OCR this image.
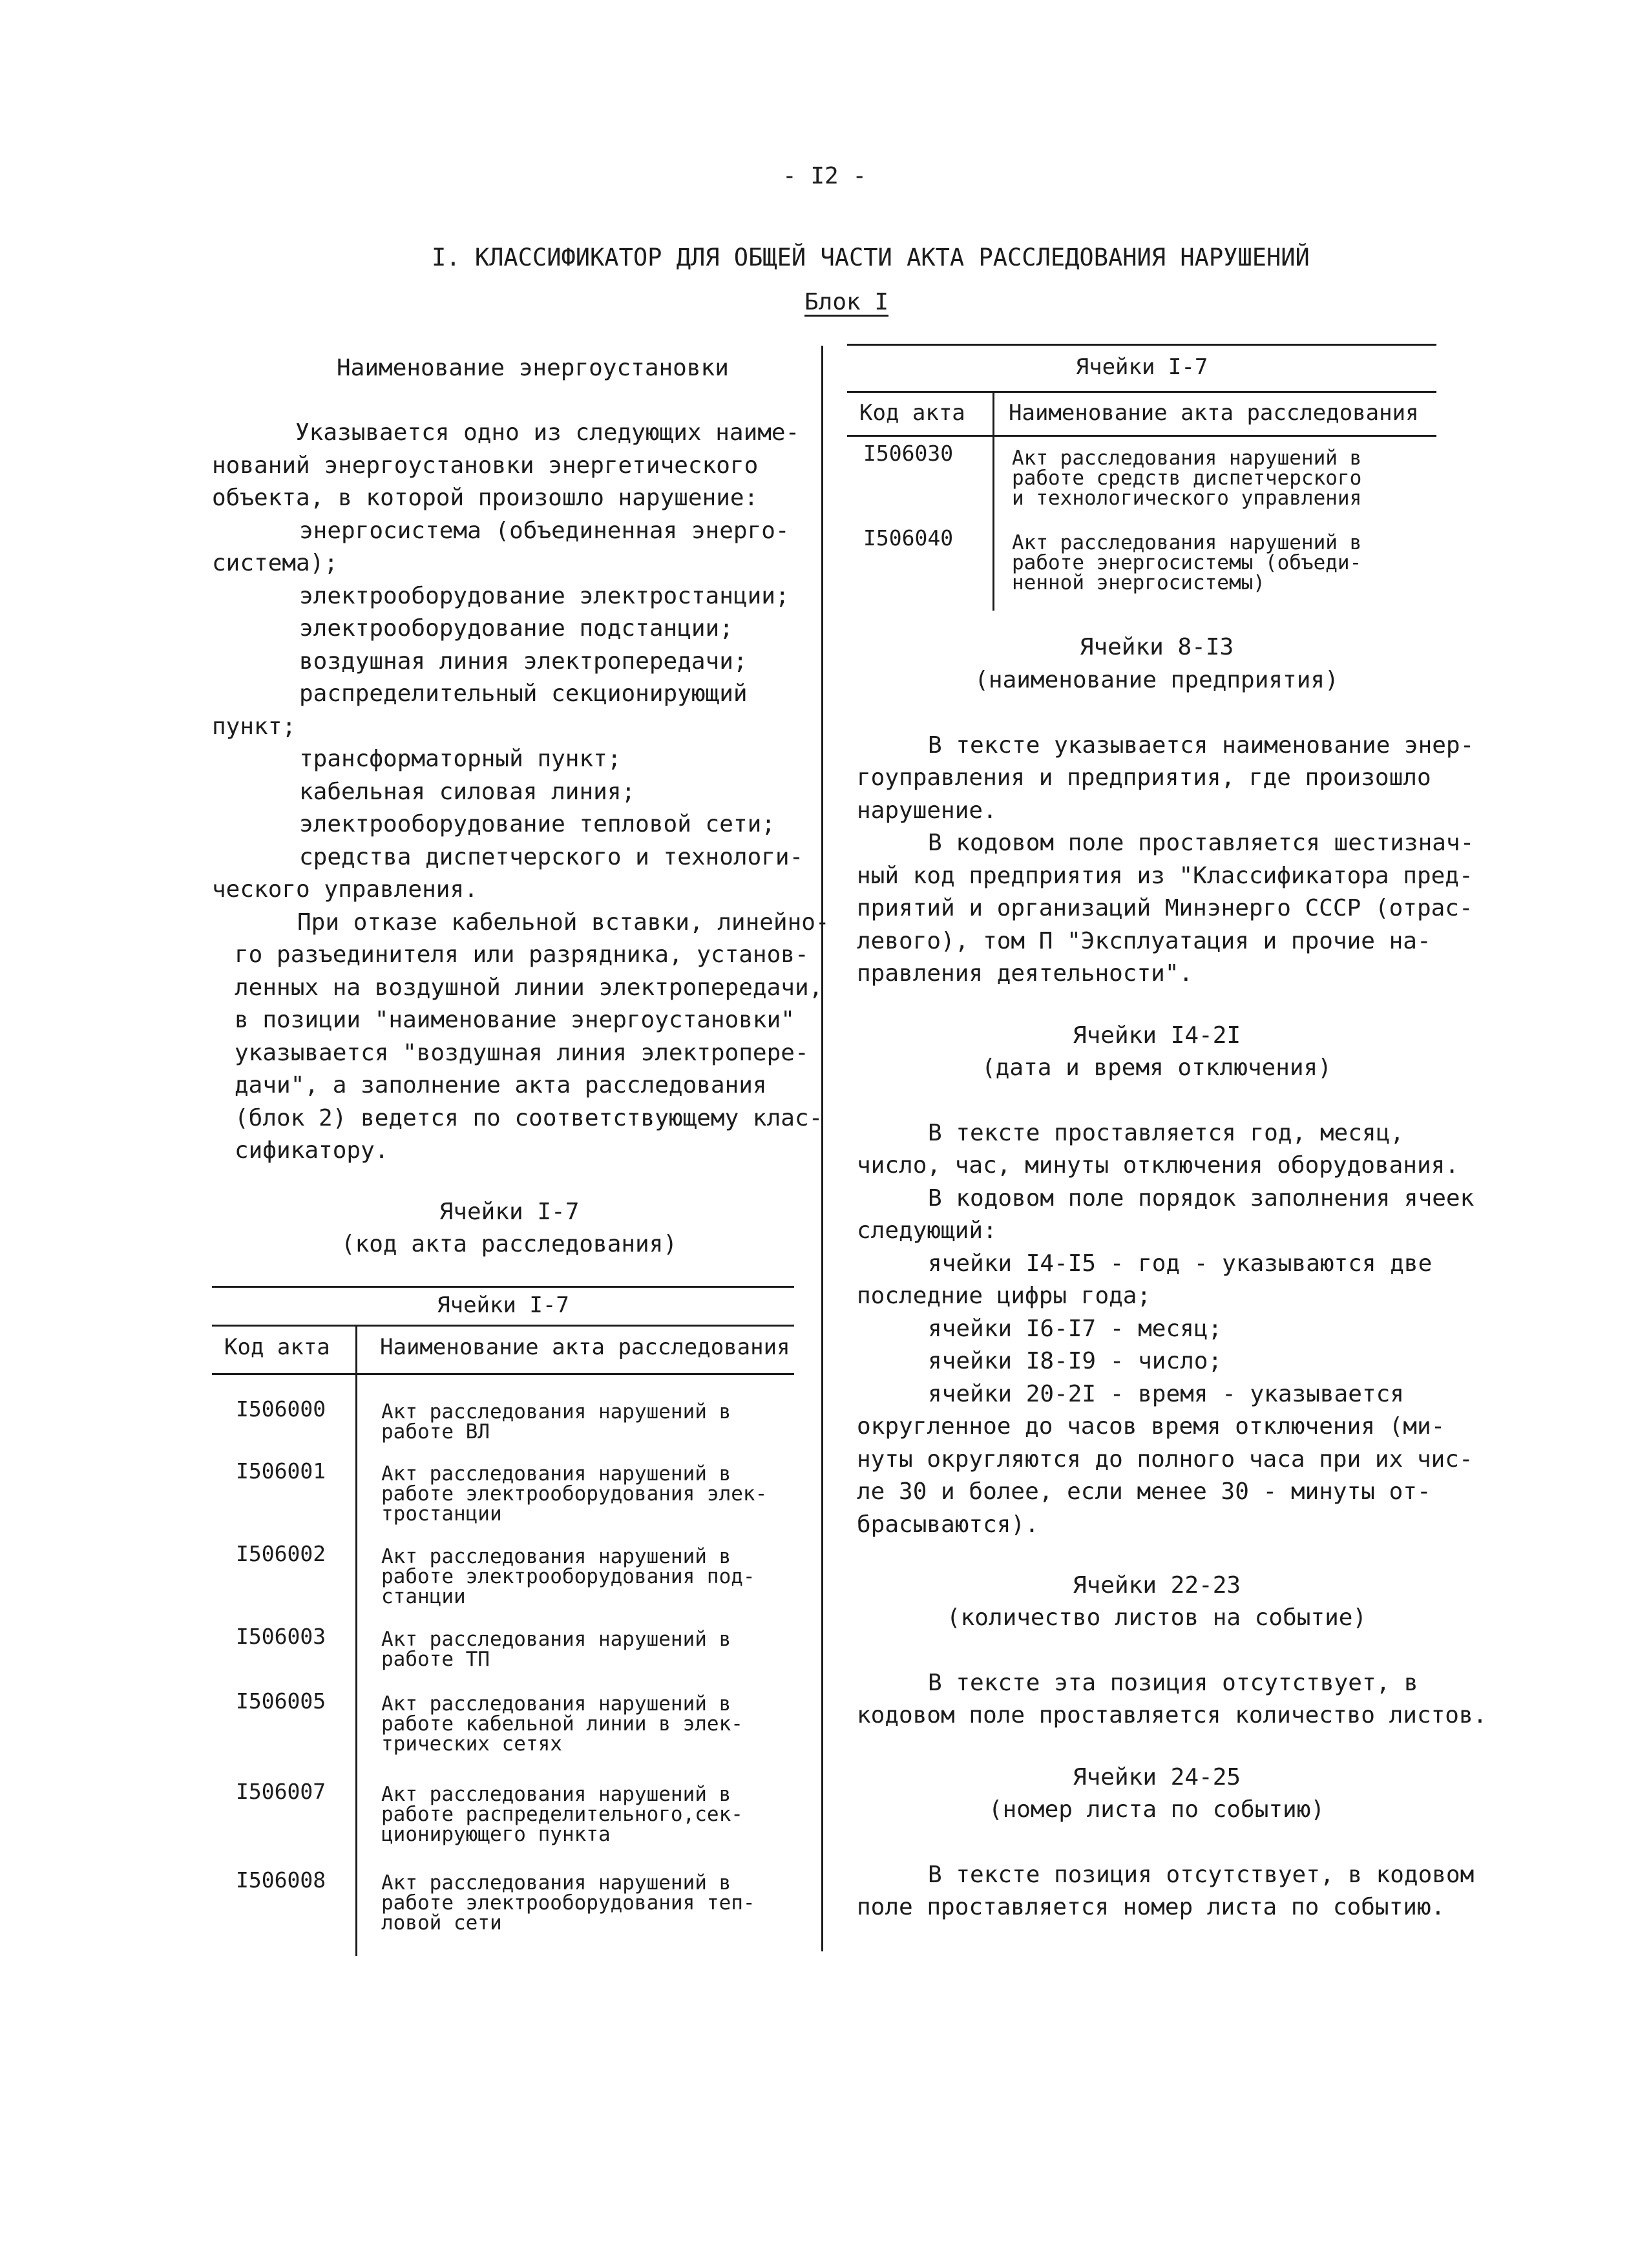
- I2 -
I. КЛАССИФИКАТОР ДЛЯ ОБЩЕЙ ЧАСТИ АКТА РАССЛЕДОВАНИЯ НАРУШЕНИЙ
Блок I
Наименование энергоустановки
Указывается одно из следующих наиме-
нований энергоустановки энергетического
объекта, в которой произошло нарушение:
энергосистема (объединенная энерго-
система);
электрооборудование электростанции;
электрооборудование подстанции;
воздушная линия электропередачи;
распределительный секционирующий
пункт;
трансформаторный пункт;
кабельная силовая линия;
электрооборудование тепловой сети;
средства диспетчерского и технологи-
ческого управления.
При отказе кабельной вставки, линейно-
го разъединителя или разрядника, установ-
ленных на воздушной линии электропередачи,
в позиции "наименование энергоустановки"
указывается "воздушная линия электропере-
дачи", а заполнение акта расследования
(блок 2) ведется по соответствующему клас-
сификатору.
Ячейки I-7
(код акта расследования)
Ячейки I-7
Код акта Наименование акта расследования
I506000	Акт расследования нарушений в
работе ВЛ
I506001	Акт расследования нарушений в
работе электрооборудования элек-
тростанции
I506002	Акт расследования нарушений в
работе электрооборудования под-
станции
I506003	Акт расследования нарушений в
работе ТП
I506005	Акт расследования нарушений в
работе кабельной линии в элек-
трических сетях
I506007	Акт расследования нарушений в
работе распределительного,сек-
ционирующего пункта
I506008	Акт расследования нарушений в
работе электрооборудования теп-
ловой сети
Ячейки I-7
Код акта Наименование акта расследования
I506030	Акт расследования нарушений в
работе средств диспетчерского
и технологического управления
I506040	Акт расследования нарушений в
работе энергосистемы (объеди-
ненной энергосистемы)
Ячейки 8-I3
(наименование предприятия)
В тексте указывается наименование энер-
гоуправления и предприятия, где произошло
нарушение.
В кодовом поле проставляется шестизнач-
ный код предприятия из "Классификатора пред-
приятий и организаций Минэнерго СССР (отрас-
левого), том П "Эксплуатация и прочие на-
правления деятельности".
Ячейки I4-2I
(дата и время отключения)
В тексте проставляется год, месяц,
число, час, минуты отключения оборудования.
В кодовом поле порядок заполнения ячеек
следующий:
ячейки I4-I5 - год - указываются две
последние цифры года;
ячейки I6-I7 - месяц;
ячейки I8-I9 - число;
ячейки 20-2I - время - указывается
округленное до часов время отключения (ми-
нуты округляются до полного часа при их чис-
ле 30 и более, если менее 30 - минуты от-
брасываются).
Ячейки 22-23
(количество листов на событие)
В тексте эта позиция отсутствует, в
кодовом поле проставляется количество листов.
Ячейки 24-25
(номер листа по событию)
В тексте позиция отсутствует, в кодовом
поле проставляется номер листа по событию.
